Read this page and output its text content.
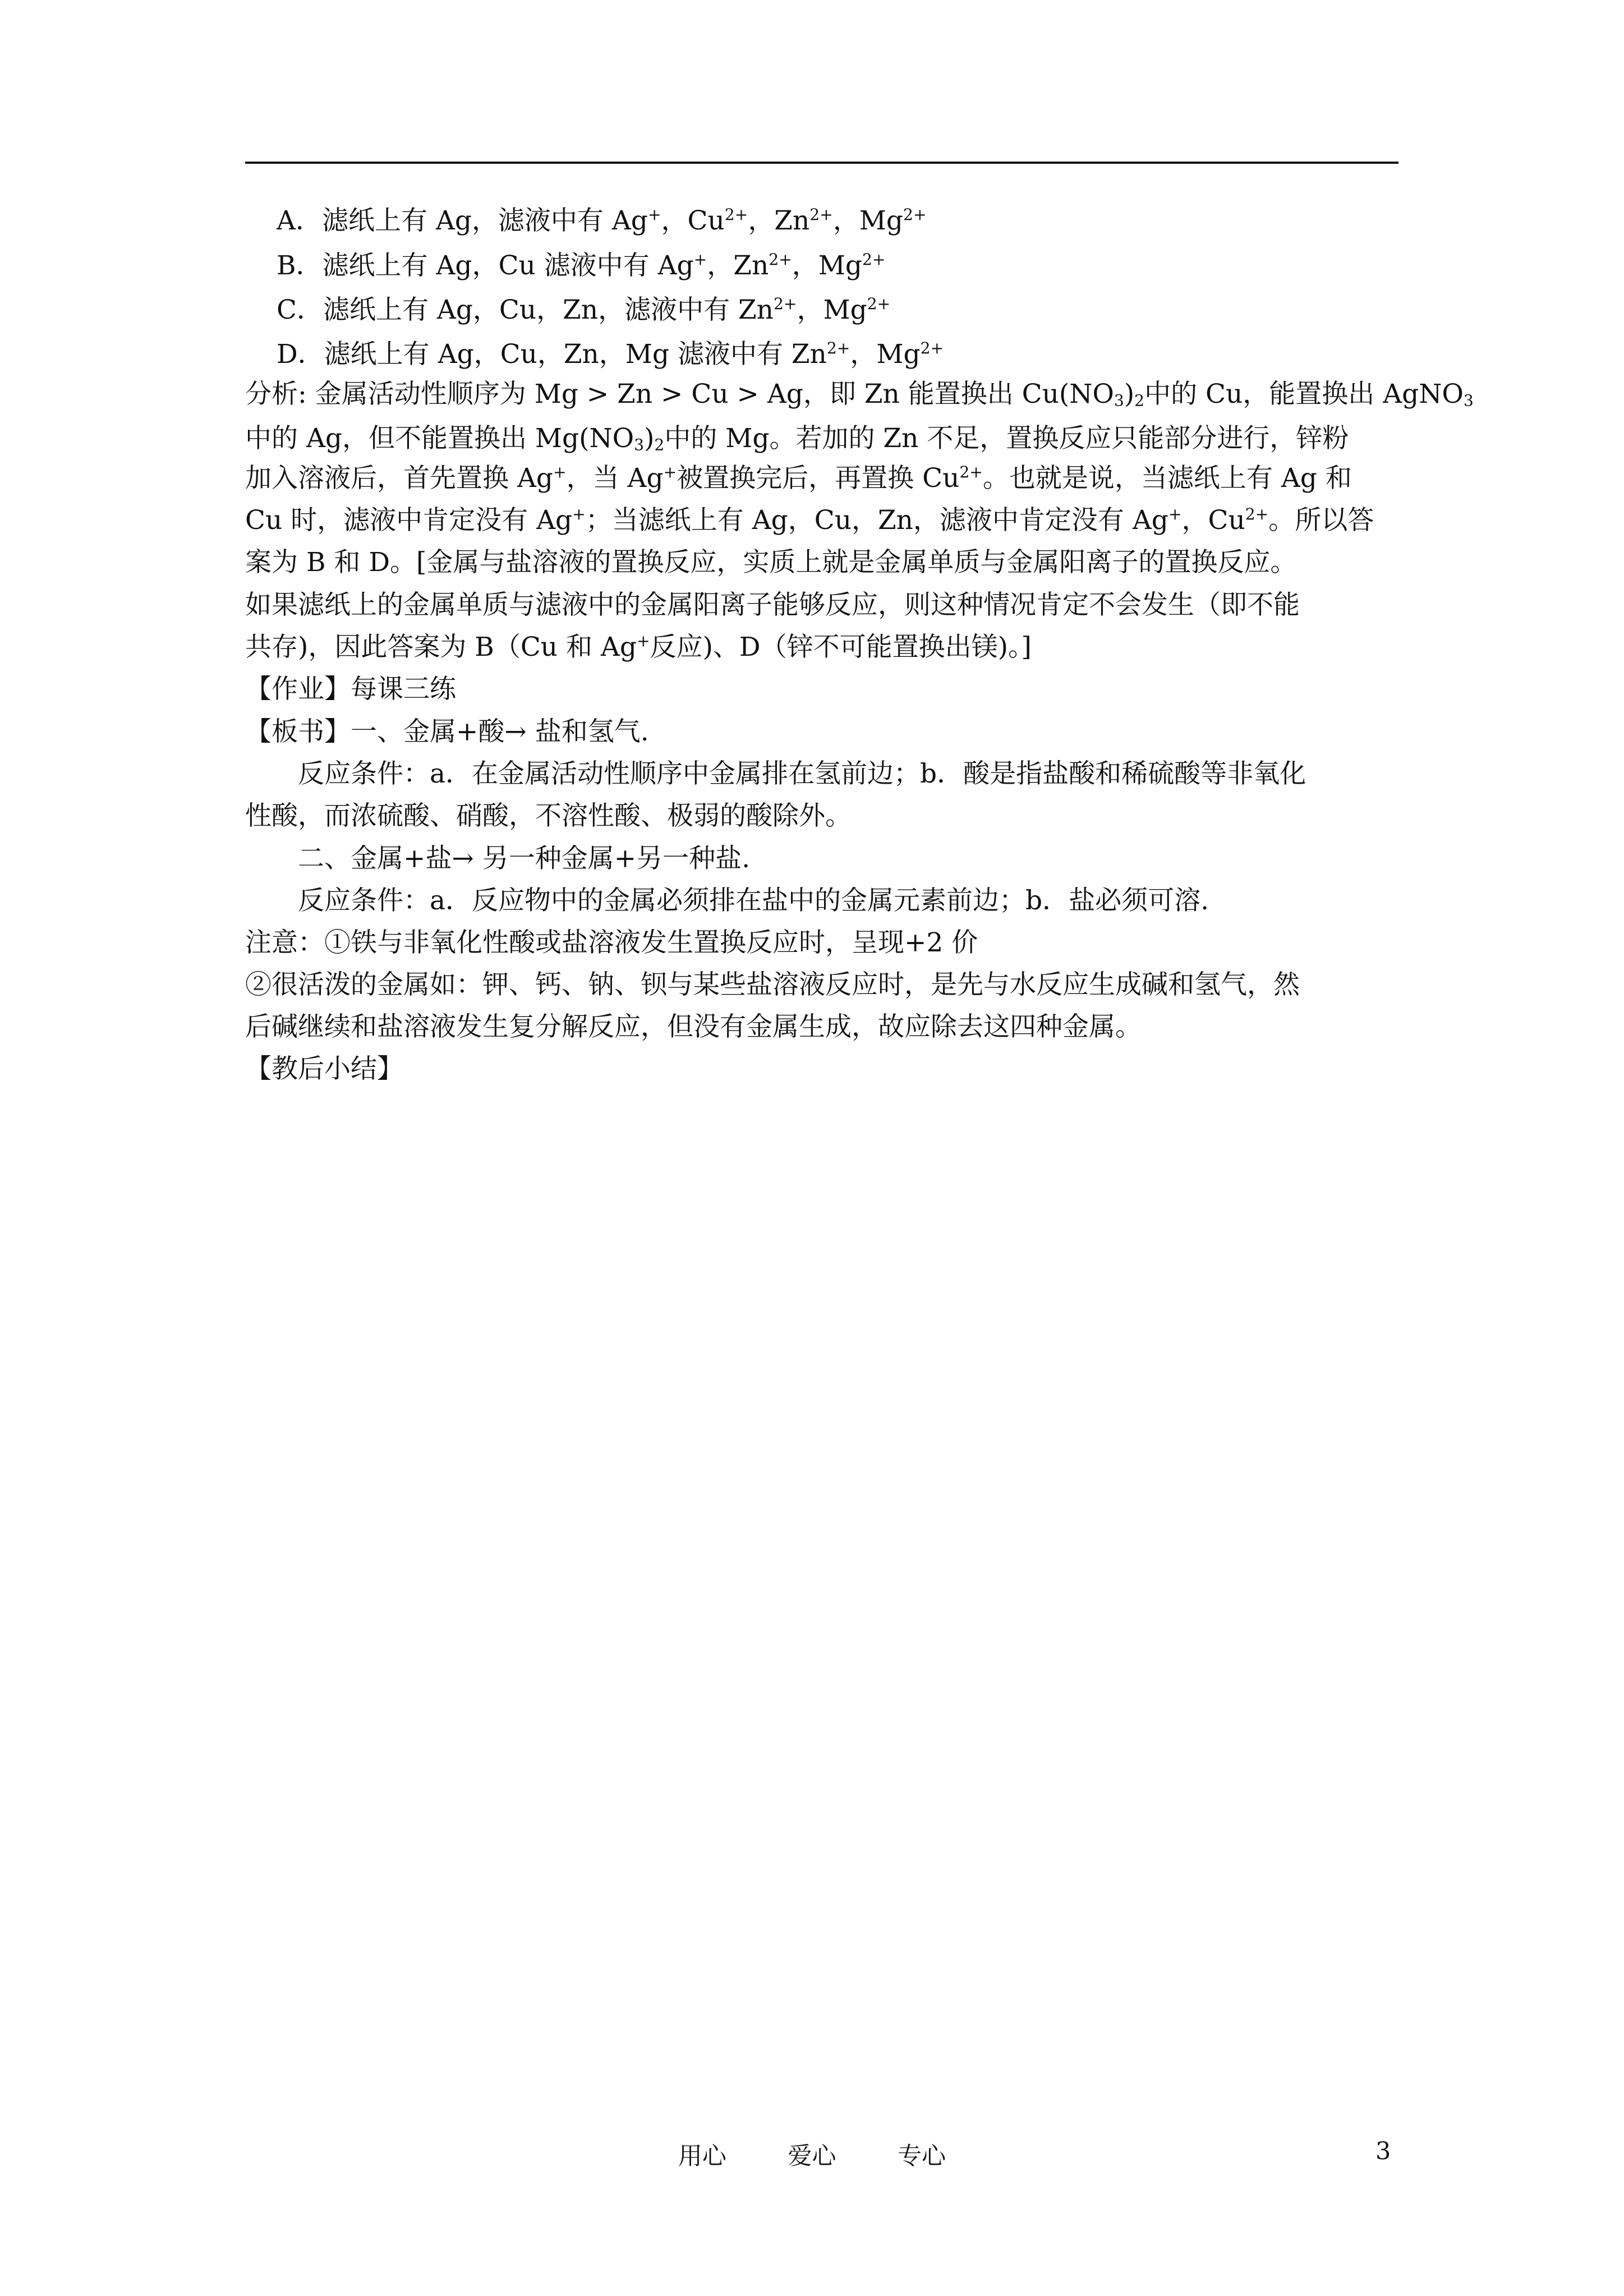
A．滤纸上有 Ag，滤液中有 Ag+，$Cu^{2+}$，$Zn^{2+}$，$Mg^{2+}$
B．滤纸上有 Ag，Cu 滤液中有 Ag+，$Zn^{2+}$，$Mg^{2+}$
C．滤纸上有 Ag，Cu，Zn，滤液中有 $Zn^{2+}$，$Mg^{2+}$
D．滤纸上有 Ag，Cu，Zn，Mg 滤液中有 $Zn^{2+}$，$Mg^{2+}$
分析: 金属活动性顺序为 Mg > Zn > Cu > Ag，即 Zn 能置换出 $Cu(NO_3)_2$中的 Cu，能置换出 AgNO$_3$
中的 Ag，但不能置换出 $Mg(NO_3)_2$中的 Mg。若加的 Zn 不足，置换反应只能部分进行，锌粉
加入溶液后，首先置换 Ag+，当 Ag+被置换完后，再置换 $Cu^{2+}$。也就是说，当滤纸上有 Ag 和
Cu 时，滤液中肯定没有 Ag+；当滤纸上有 Ag，Cu，Zn，滤液中肯定没有 Ag+，$Cu^{2+}$。所以答
案为 B 和 D。[金属与盐溶液的置换反应，实质上就是金属单质与金属阳离子的置换反应。
如果滤纸上的金属单质与滤液中的金属阳离子能够反应，则这种情况肯定不会发生（即不能
共存)，因此答案为 B（Cu 和 Ag+反应)、D（锌不可能置换出镁)。]
【作业】每课三练
【板书】一、金属+酸→ 盐和氢气.
反应条件：a．在金属活动性顺序中金属排在氢前边；b．酸是指盐酸和稀硫酸等非氧化
性酸，而浓硫酸、硝酸，不溶性酸、极弱的酸除外。
二、金属+盐→ 另一种金属+另一种盐.
反应条件：a．反应物中的金属必须排在盐中的金属元素前边；b．盐必须可溶.
注意：①铁与非氧化性酸或盐溶液发生置换反应时，呈现+2 价
②很活泼的金属如：钾、钙、钠、钡与某些盐溶液反应时，是先与水反应生成碱和氢气，然
后碱继续和盐溶液发生复分解反应，但没有金属生成，故应除去这四种金属。
【教后小结】
用心	爱心	专心	3
